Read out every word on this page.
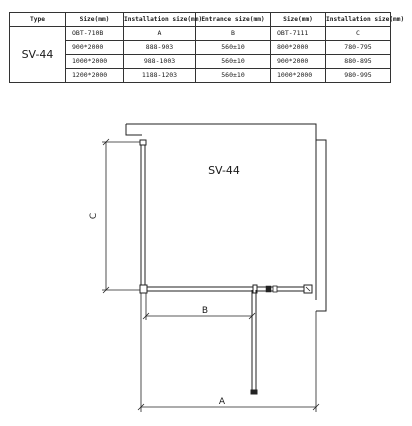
Type	Size(mm)	Installation size(mm)	Entrance size(mm)	Size(mm)	Installation size(mm)
SV-44	OBT-710B	A	B	OBT-7111	C
	900*2000	888-903	560±10	800*2000	780-795
	1000*2000	988-1003	560±10	900*2000	880-895
	1200*2000	1188-1203	560±10	1000*2000	980-995
C
B
A
SV-44
